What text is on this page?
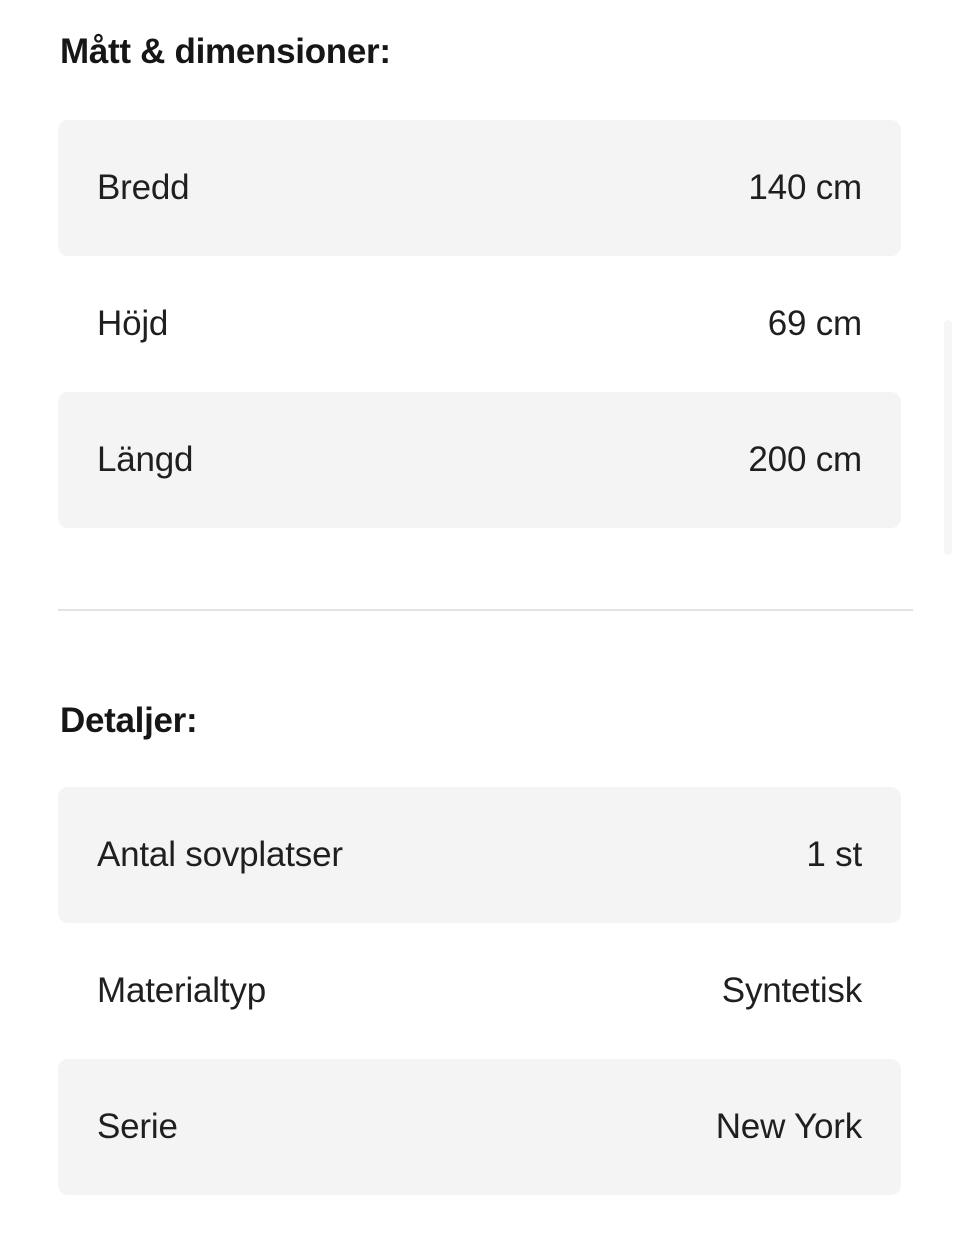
Mått & dimensioner:
Bredd	140 cm
Höjd	69 cm
Längd	200 cm
Detaljer:
Antal sovplatser	1 st
Materialtyp	Syntetisk
Serie	New York
